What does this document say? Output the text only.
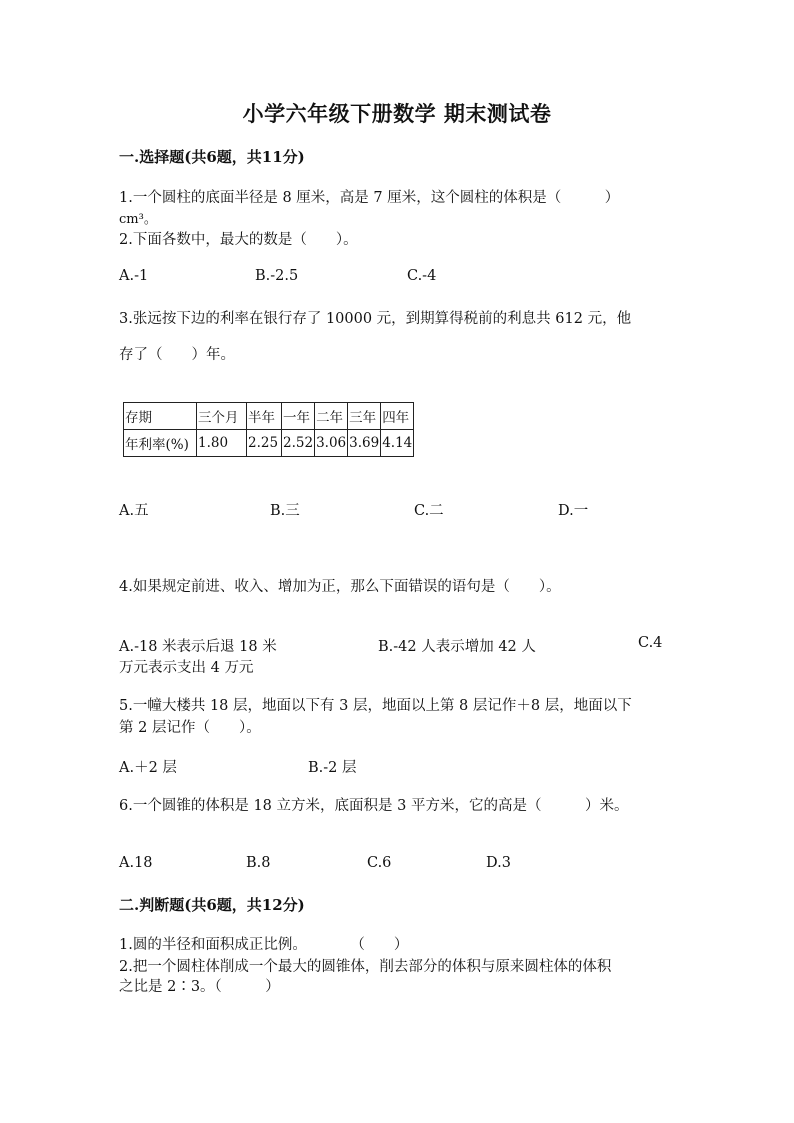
小学六年级下册数学 期末测试卷
一.选择题(共6题，共11分)
1.一个圆柱的底面半径是 8 厘米，高是 7 厘米，这个圆柱的体积是（　　　）
cm³。
2.下面各数中，最大的数是（　　）。
A.-1	B.-2.5	C.-4
3.张远按下边的利率在银行存了 10000 元，到期算得税前的利息共 612 元，他
存了（　　）年。
存期	三个月	半年	一年	二年	三年	四年
年利率(%)	1.80	2.25	2.52	3.06	3.69	4.14
A.五	B.三	C.二	D.一
4.如果规定前进、收入、增加为正，那么下面错误的语句是（　　）。
A.-18 米表示后退 18 米	B.-42 人表示增加 42 人	C.4
万元表示支出 4 万元
5.一幢大楼共 18 层，地面以下有 3 层，地面以上第 8 层记作＋8 层，地面以下
第 2 层记作（　　）。
A.＋2 层	B.-2 层
6.一个圆锥的体积是 18 立方米，底面积是 3 平方米，它的高是（　　　）米。
A.18	B.8	C.6	D.3
二.判断题(共6题，共12分)
1.圆的半径和面积成正比例。　　　　（　　）
2.把一个圆柱体削成一个最大的圆锥体，削去部分的体积与原来圆柱体的体积
之比是 2∶3。（　　　）
